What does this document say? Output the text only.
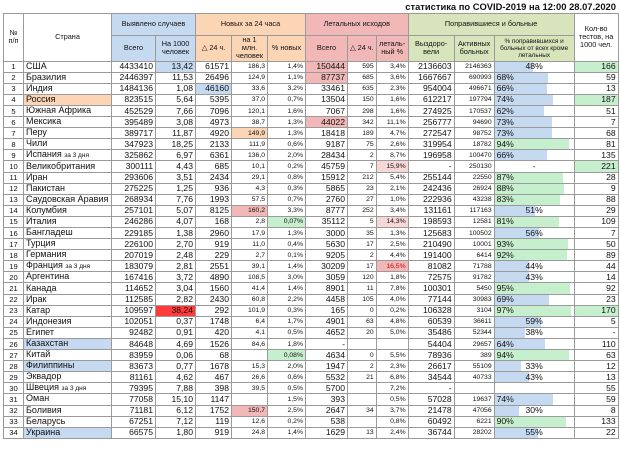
статистика по COVID-2019 на 12:00 28.07.2020
№ п/п	Страна	Выявлено случаев		Новых за 24 часа			Летальных исходов			Поправившиеся и больные			Кол-во тестов, на 1000 чел.
		Всего	На 1000 человек	△ 24 ч.	на 1 млн. человек	% новых	Всего	△ 24 ч.	леталь-ный %	Выздоро-вели	Активных больных	% поправившихся и больных от всех кроме летальных	
1	США	4433410	13,42	61571	186,3	1,4%	150444	595	3,4%	2136603	2146363	48%	166
2	Бразилия	2446397	11,53	26496	124,9	1,1%	87737	685	3,6%	1667667	690993	68%	59
3	Индия	1484136	1,08	46160	33,6	3,2%	33461	635	2,3%	954004	496671	66%	13
4	Россия	823515	5,64	5395	37,0	0,7%	13504	150	1,6%	612217	197794	74%	187
5	Южная Африка	452529	7,66	7096	120,1	1,6%	7067	298	1,6%	274925	170537	62%	51
6	Мексика	395489	3,08	4973	38,7	1,3%	44022	342	11,1%	256777	94690	73%	7
7	Перу	389717	11,87	4920	149,9	1,3%	18418	189	4,7%	272547	98752	73%	68
8	Чили	347923	18,25	2133	111,9	0,6%	9187	75	2,6%	319954	18782	94%	81
9	Испания за 3 дня	325862	6,97	6361	136,0	2,0%	28434	2	8,7%	196958	100470	66%	135
10	Великобритания	300111	4,43	685	10,1	0,2%	45759	7	15,9%	-	250130	-	221
11	Иран	293606	3,51	2434	29,1	0,8%	15912	212	5,4%	255144	22550	87%	28
12	Пакистан	275225	1,25	936	4,3	0,3%	5865	23	2,1%	242436	26924	88%	9
13	Саудовская Аравия	268934	7,76	1993	57,5	0,7%	2760	27	1,0%	222936	43238	83%	88
14	Колумбия	257101	5,07	8125	160,2	3,3%	8777	252	3,4%	131161	117163	51%	29
15	Италия	246286	4,07	168	2,8	0,07%	35112	5	14,3%	198593	12581	81%	109
16	Бангладеш	229185	1,38	2960	17,9	1,3%	3000	35	1,3%	125683	100502	56%	7
17	Турция	226100	2,70	919	11,0	0,4%	5630	17	2,5%	210490	10001	93%	50
18	Германия	207019	2,48	229	2,7	0,1%	9205	2	4,4%	191400	6414	92%	89
19	Франция за 3 дня	183079	2,81	2551	39,1	1,4%	30209	17	16,5%	81082	71788	44%	44
20	Аргентина	167416	3,72	4890	108,5	3,0%	3059	120	1,8%	72575	91782	43%	14
21	Канада	114652	3,04	1560	41,4	1,4%	8901	11	7,8%	100301	5450	95%	92
22	Ирак	112585	2,82	2430	60,8	2,2%	4458	105	4,0%	77144	30983	69%	23
23	Катар	109597	38,24	292	101,9	0,3%	165	0	0,2%	106328	3104	97%	170
24	Индонезия	102051	0,37	1748	6,4	1,7%	4901	63	4,8%	60539	36611	59%	5
25	Египет	92482	0,91	420	4,1	0,5%	4652	20	5,0%	35486	52344	38%	-
26	Казахстан	84648	4,69	1526	84,6	1,8%	-			54404	29657	64%	110
27	Китай	83959	0,06	68		0,08%	4634	0	5,5%	78936	389	94%	63
28	Филиппины	83673	0,77	1678	15,3	2,0%	1947	2	2,3%	26617	55109	33%	12
29	Эквадор	81161	4,62	467	26,6	0,6%	5532	21	6,8%	34544	40733	43%	13
30	Швеция за 3 дня	79395	7,88	398	39,5	0,5%	5700		7,2%	-			55
31	Оман	77058	15,10	1147		1,5%	393		0,5%	57028	19637	74%	59
32	Боливия	71181	6,12	1752	150,7	2,5%	2647	34	3,7%	21478	47056	30%	8
33	Беларусь	67251	7,12	119	12,6	0,2%	538		0,8%	60492	6221	90%	133
34	Украина	66575	1,80	919	24,8	1,4%	1629	13	2,4%	36744	28202	55%	22
